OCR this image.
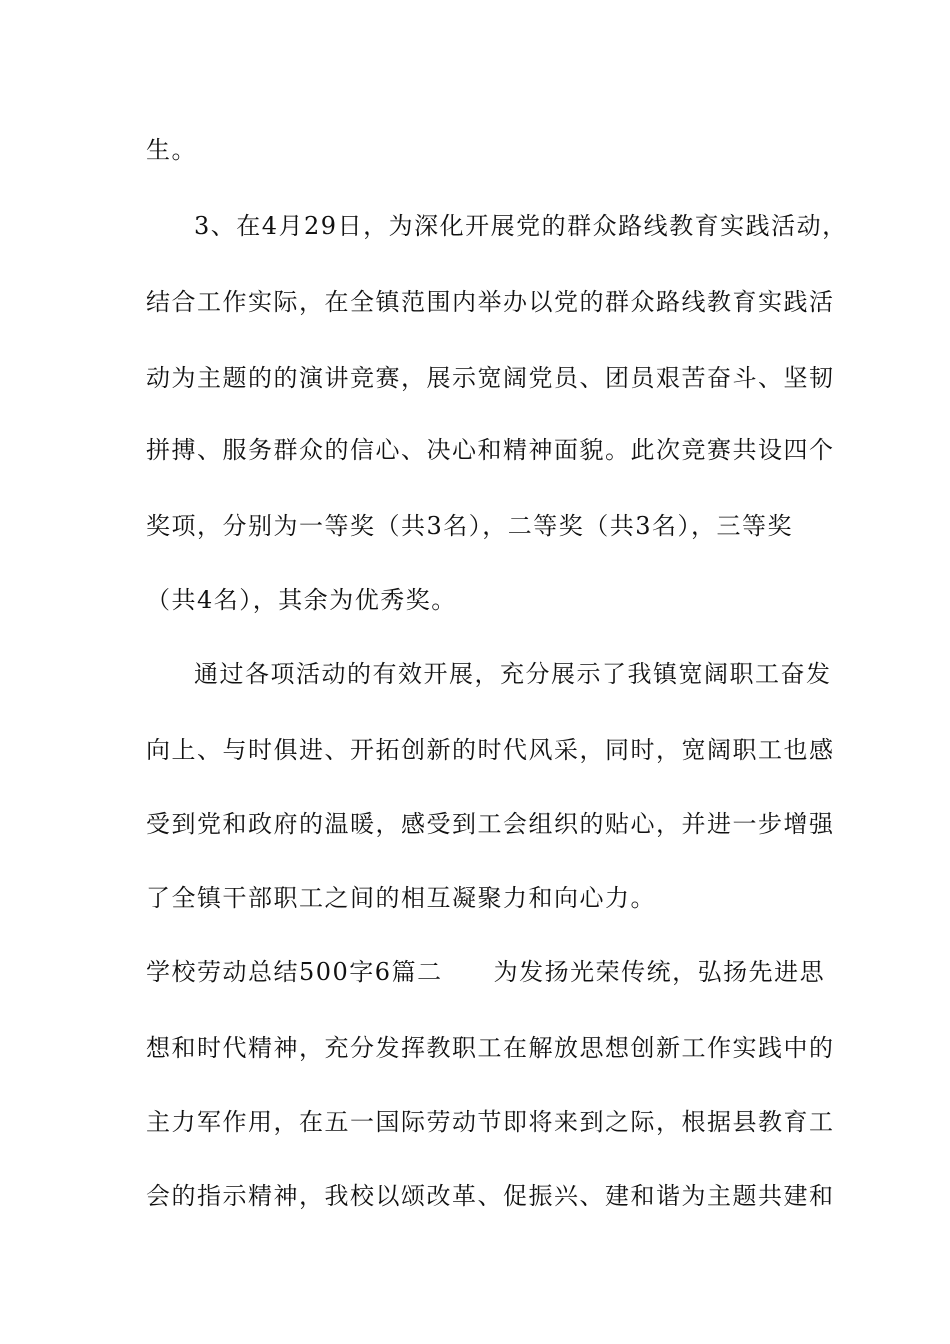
生。

3、在4月29日，为深化开展党的群众路线教育实践活动，

结合工作实际，在全镇范围内举办以党的群众路线教育实践活

动为主题的的演讲竞赛，展示宽阔党员、团员艰苦奋斗、坚韧

拼搏、服务群众的信心、决心和精神面貌。此次竞赛共设四个

奖项，分别为一等奖（共3名），二等奖（共3名），三等奖

（共4名），其余为优秀奖。

通过各项活动的有效开展，充分展示了我镇宽阔职工奋发

向上、与时俱进、开拓创新的时代风采，同时，宽阔职工也感

受到党和政府的温暖，感受到工会组织的贴心，并进一步增强

了全镇干部职工之间的相互凝聚力和向心力。

学校劳动总结500字6篇二　　为发扬光荣传统，弘扬先进思

想和时代精神，充分发挥教职工在解放思想创新工作实践中的

主力军作用，在五一国际劳动节即将来到之际，根据县教育工

会的指示精神，我校以颂改革、促振兴、建和谐为主题共建和
